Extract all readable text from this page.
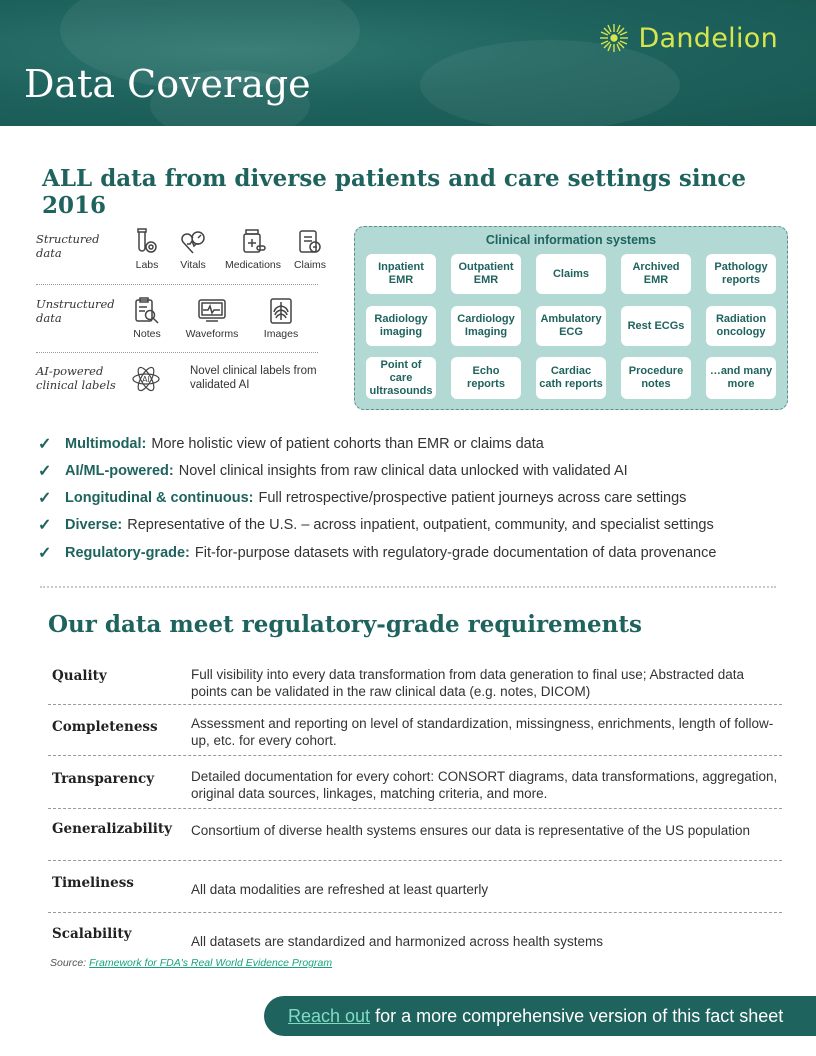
Dandelion
Data Coverage
ALL data from diverse patients and care settings since 2016
Structured data
Labs	Vitals	Medications Claims
Unstructured data
Notes	Waveforms	Images
AI-powered clinical labels	AI
Novel clinical labels from validated AI
Clinical information systems
Inpatient EMR
Outpatient EMR
Claims
Archived EMR
Pathology reports
Radiology imaging
Cardiology Imaging
Ambulatory ECG
Rest ECGs
Radiation oncology
Point of care ultrasounds
Echo reports
Cardiac cath reports
Procedure notes
…and many more
✓ Multimodal: More holistic view of patient cohorts than EMR or claims data
✓ AI/ML-powered: Novel clinical insights from raw clinical data unlocked with validated AI
✓ Longitudinal & continuous: Full retrospective/prospective patient journeys across care settings
✓ Diverse: Representative of the U.S. – across inpatient, outpatient, community, and specialist settings
✓ Regulatory-grade: Fit-for-purpose datasets with regulatory-grade documentation of data provenance
Our data meet regulatory-grade requirements
Quality	Full visibility into every data transformation from data generation to final use; Abstracted data points can be validated in the raw clinical data (e.g. notes, DICOM)
Completeness Assessment and reporting on level of standardization, missingness, enrichments, length of follow-up, etc. for every cohort.
Transparency	Detailed documentation for every cohort: CONSORT diagrams, data transformations, aggregation, original data sources, linkages, matching criteria, and more.
Generalizability Consortium of diverse health systems ensures our data is representative of the US population
Timeliness	All data modalities are refreshed at least quarterly
Scalability	All datasets are standardized and harmonized across health systems
Source: Framework for FDA's Real World Evidence Program
Reach out for a more comprehensive version of this fact sheet
